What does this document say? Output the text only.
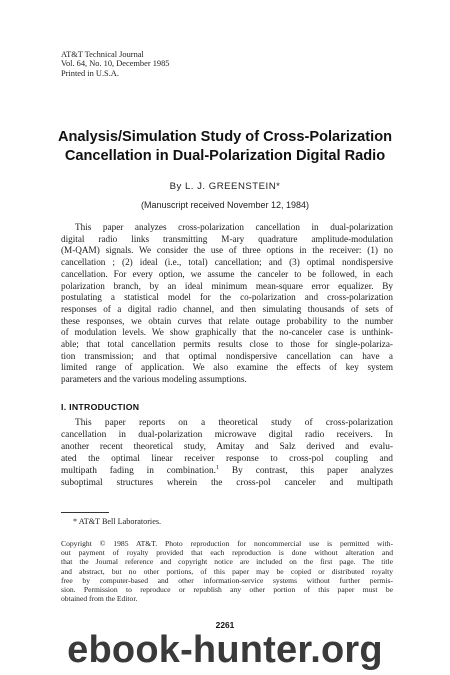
AT&T Technical Journal
Vol. 64, No. 10, December 1985
Printed in U.S.A.
Analysis/Simulation Study of Cross-Polarization
Cancellation in Dual-Polarization Digital Radio
By L. J. GREENSTEIN*
(Manuscript received November 12, 1984)
This paper analyzes cross-polarization cancellation in dual-polarization
digital radio links transmitting M-ary quadrature amplitude-modulation
(M-QAM) signals. We consider the use of three options in the receiver: (1) no
cancellation ; (2) ideal (i.e., total) cancellation; and (3) optimal nondispersive
cancellation. For every option, we assume the canceler to be followed, in each
polarization branch, by an ideal minimum mean-square error equalizer. By
postulating a statistical model for the co-polarization and cross-polarization
responses of a digital radio channel, and then simulating thousands of sets of
these responses, we obtain curves that relate outage probability to the number
of modulation levels. We show graphically that the no-canceler case is unthink-
able; that total cancellation permits results close to those for single-polariza-
tion transmission; and that optimal nondispersive cancellation can have a
limited range of application. We also examine the effects of key system
parameters and the various modeling assumptions.
I. INTRODUCTION
This paper reports on a theoretical study of cross-polarization
cancellation in dual-polarization microwave digital radio receivers. In
another recent theoretical study, Amitay and Salz derived and evalu-
ated the optimal linear receiver response to cross-pol coupling and
multipath fading in combination.$^1$ By contrast, this paper analyzes
suboptimal structures wherein the cross-pol canceler and multipath
* AT&T Bell Laboratories.
Copyright © 1985 AT&T. Photo reproduction for noncommercial use is permitted with-
out payment of royalty provided that each reproduction is done without alteration and
that the Journal reference and copyright notice are included on the first page. The title
and abstract, but no other portions, of this paper may be copied or distributed royalty
free by computer-based and other information-service systems without further permis-
sion. Permission to reproduce or republish any other portion of this paper must be
obtained from the Editor.
2261
ebook-hunter.org
